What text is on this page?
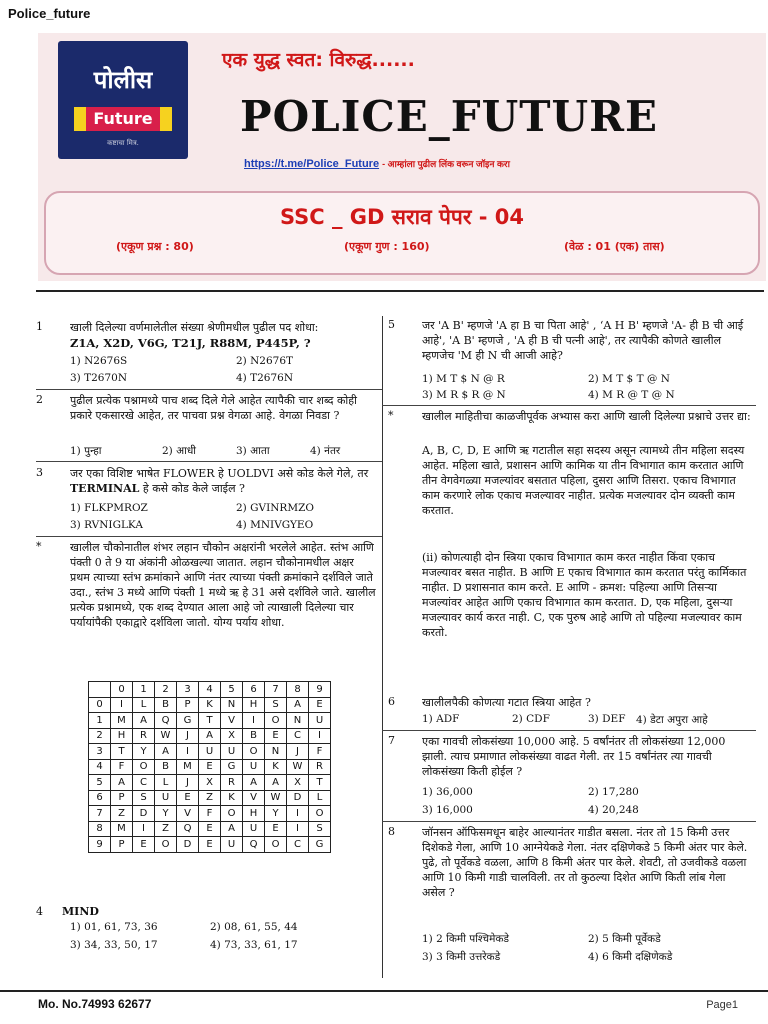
Police_future
पोलीस
Future
कष्टाचा मित्र.
एक युद्ध स्वत: विरुद्ध......
POLICE_FUTURE
https://t.me/Police_Future - आम्हांला पुढील लिंक वरून जॉइन करा
SSC _ GD सराव पेपर - 04
(एकूण प्रश्न : 80)	(एकूण गुण : 160)	(वेळ : 01 (एक) तास)
1 खाली दिलेल्या वर्णमालेतील संख्या श्रेणीमधील पुढील पद शोधा:
Z1A, X2D, V6G, T21J, R88M, P445P, ?
1) N2676S	2) N2676T
3) T2670N	4) T2676N
2 पुढील प्रत्येक पश्नामध्ये पाच शब्द दिले गेले आहेत त्यापैकी चार शब्द कोही प्रकारे एकसारखे आहेत, तर पाचवा प्रश्न वेगळा आहे. वेगळा निवडा ?
1) पुन्हा	2) आधी	3) आता	4) नंतर
3 जर एका विशिष्ट भाषेत FLOWER हे UOLDVI असे कोड केले गेले, तर TERMINAL हे कसे कोड केले जाईल ?
1) FLKPMROZ	2) GVINRMZO
3) RVNIGLKA	4) MNIVGYEO
*	खालील चौकोनातील शंभर लहान चौकोन अक्षरांनी भरलेले आहेत. स्तंभ आणि पंक्ती 0 ते 9 या अंकांनी ओळखल्या जातात. लहान चौकोनामधील अक्षर प्रथम त्याच्या स्तंभ क्रमांकाने आणि नंतर त्याच्या पंक्ती क्रमांकाने दर्शविले जाते उदा., स्तंभ 3 मध्ये आणि पंक्ती 1 मध्ये ऋ हे 31 असे दर्शविले जाते. खालील प्रत्येक प्रश्नामध्ये, एक शब्द देण्यात आला आहे जो त्याखाली दिलेल्या चार पर्यायांपैकी एकाद्वारे दर्शविला जातो. योग्य पर्याय शोधा.
	0	1	2	3	4	5	6	7	8	9
0	I	L	B	P	K	N	H	S	A	E
1	M	A	Q	G	T	V	I	O	N	U
2	H	R	W	J	A	X	B	E	C	I
3	T	Y	A	I	U	U	O	N	J	F
4	F	O	B	M	E	G	U	K	W	R
5	A	C	L	J	X	R	A	A	X	T
6	P	S	U	E	Z	K	V	W	D	L
7	Z	D	Y	V	F	O	H	Y	I	O
8	M	I	Z	Q	E	A	U	E	I	S
9	P	E	O	D	E	U	Q	O	C	G
4 MIND
1) 01, 61, 73, 36	2) 08, 61, 55, 44
3) 34, 33, 50, 17	4) 73, 33, 61, 17
5 जर 'A B' म्हणजे 'A हा B चा पिता आहे' , ‘A H B' म्हणजे 'A- ही B ची आई आहे', 'A B' म्हणजे , 'A ही B ची पत्नी आहे', तर त्यापैकी कोणते खालील म्हणजेच 'M ही N ची आजी आहे?
1) M T $ N @ R	2) M T $ T @ N
3) M R $ R @ N	4) M R @ T @ N
*	खालील माहितीचा काळजीपूर्वक अभ्यास करा आणि खाली दिलेल्या प्रश्नाचे उत्तर द्या:
A, B, C, D, E आणि ऋ गटातील सहा सदस्य असून त्यामध्ये तीन महिला सदस्य आहेत. महिला खाते, प्रशासन आणि कामिक या तीन विभागात काम करतात आणि तीन वेगवेगळ्या मजल्यांवर बसतात पहिला, दुसरा आणि तिसरा. एकाच विभागात काम करणारे लोक एकाच मजल्यावर नाहीत. प्रत्येक मजल्यावर दोन व्यक्ती काम करतात.
(ii) कोणत्याही दोन स्त्रिया एकाच विभागात काम करत नाहीत किंवा एकाच मजल्यावर बसत नाहीत. B आणि E एकाच विभागात काम करतात परंतु कार्मिकात नाहीत. D प्रशासनात काम करते. E आणि - क्रमश: पहिल्या आणि तिसऱ्या मजल्यांवर आहेत आणि एकाच विभागात काम करतात. D, एक महिला, दुसऱ्या मजल्यावर कार्य करत नाही. C, एक पुरुष आहे आणि तो पहिल्या मजल्यावर काम करतो.
6 खालीलपैकी कोणत्या गटात स्त्रिया आहेत ?
1) ADF	2) CDF	3) DEF 4) डेटा अपुरा आहे
7 एका गावची लोकसंख्या 10,000 आहे. 5 वर्षांनंतर ती लोकसंख्या 12,000 झाली. त्याच प्रमाणात लोकसंख्या वाढत गेली. तर 15 वर्षांनंतर त्या गावची लोकसंख्या किती होईल ?
1) 36,000	2) 17,280
3) 16,000	4) 20,248
8 जॉनसन ऑफिसमधून बाहेर आल्यानंतर गाडीत बसला. नंतर तो 15 किमी उत्तर दिशेकडे गेला, आणि 10 आग्नेयेकडे गेला. नंतर दक्षिणेकडे 5 किमी अंतर पार केले. पुढे, तो पूर्वेकडे वळला, आणि 8 किमी अंतर पार केले. शेवटी, तो उजवीकडे वळला आणि 10 किमी गाडी चालविली. तर तो कुठल्या दिशेत आणि किती लांब गेला असेल ?
1) 2 किमी पश्चिमेकडे	2) 5 किमी पूर्वेकडे
3) 3 किमी उत्तरेकडे	4) 6 किमी दक्षिणेकडे
Mo. No.74993 62677	Page1
